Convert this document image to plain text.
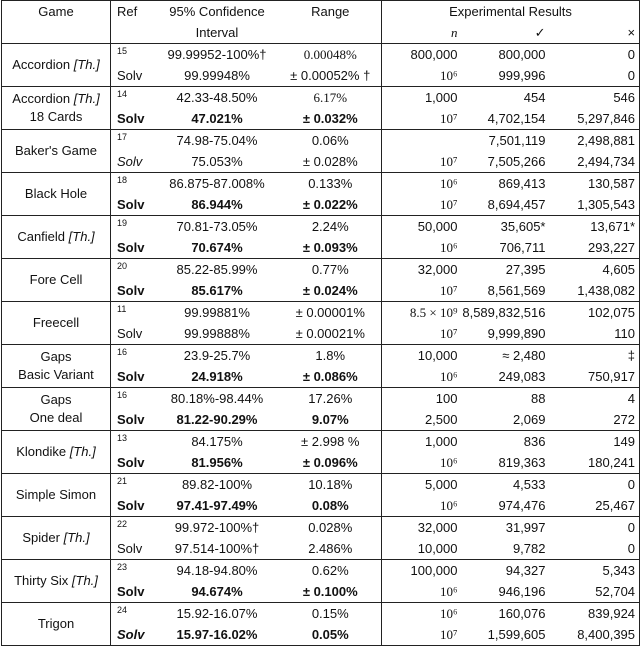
Game	Ref	95% Confidence	Range	Experimental Results		
		Interval		n	✓	×
Accordion [Th.]	$^{15}$	99.99952-100%†	0.00048%	800,000	800,000	0
	Solv	99.99948%	± 0.00052% †	10⁶	999,996	0
Accordion [Th.]
18 Cards	$^{14}$	42.33-48.50%	6.17%	1,000	454	546
	Solv	47.021%	± 0.032%	10⁷	4,702,154	5,297,846
Baker's Game	$^{17}$	74.98-75.04%	0.06%		7,501,119	2,498,881
	Solv	75.053%	± 0.028%	10⁷	7,505,266	2,494,734
Black Hole	$^{18}$	86.875-87.008%	0.133%	10⁶	869,413	130,587
	Solv	86.944%	± 0.022%	10⁷	8,694,457	1,305,543
Canfield [Th.]	$^{19}$	70.81-73.05%	2.24%	50,000	35,605*	13,671*
	Solv	70.674%	± 0.093%	10⁶	706,711	293,227
Fore Cell	$^{20}$	85.22-85.99%	0.77%	32,000	27,395	4,605
	Solv	85.617%	± 0.024%	10⁷	8,561,569	1,438,082
Freecell	$^{11}$	99.99881%	± 0.00001%	8.5 × 10⁹	8,589,832,516	102,075
	Solv	99.99888%	± 0.00021%	10⁷	9,999,890	110
Gaps
Basic Variant	$^{16}$	23.9-25.7%	1.8%	10,000	≈ 2,480	‡
	Solv	24.918%	± 0.086%	10⁶	249,083	750,917
Gaps
One deal	$^{16}$	80.18%-98.44%	17.26%	100	88	4
	Solv	81.22-90.29%	9.07%	2,500	2,069	272
Klondike [Th.]	$^{13}$	84.175%	± 2.998 %	1,000	836	149
	Solv	81.956%	± 0.096%	10⁶	819,363	180,241
Simple Simon	$^{21}$	89.82-100%	10.18%	5,000	4,533	0
	Solv	97.41-97.49%	0.08%	10⁶	974,476	25,467
Spider [Th.]	$^{22}$	99.972-100%†	0.028%	32,000	31,997	0
	Solv	97.514-100%†	2.486%	10,000	9,782	0
Thirty Six [Th.]	$^{23}$	94.18-94.80%	0.62%	100,000	94,327	5,343
	Solv	94.674%	± 0.100%	10⁶	946,196	52,704
Trigon	$^{24}$	15.92-16.07%	0.15%	10⁶	160,076	839,924
	Solv	15.97-16.02%	0.05%	10⁷	1,599,605	8,400,395
